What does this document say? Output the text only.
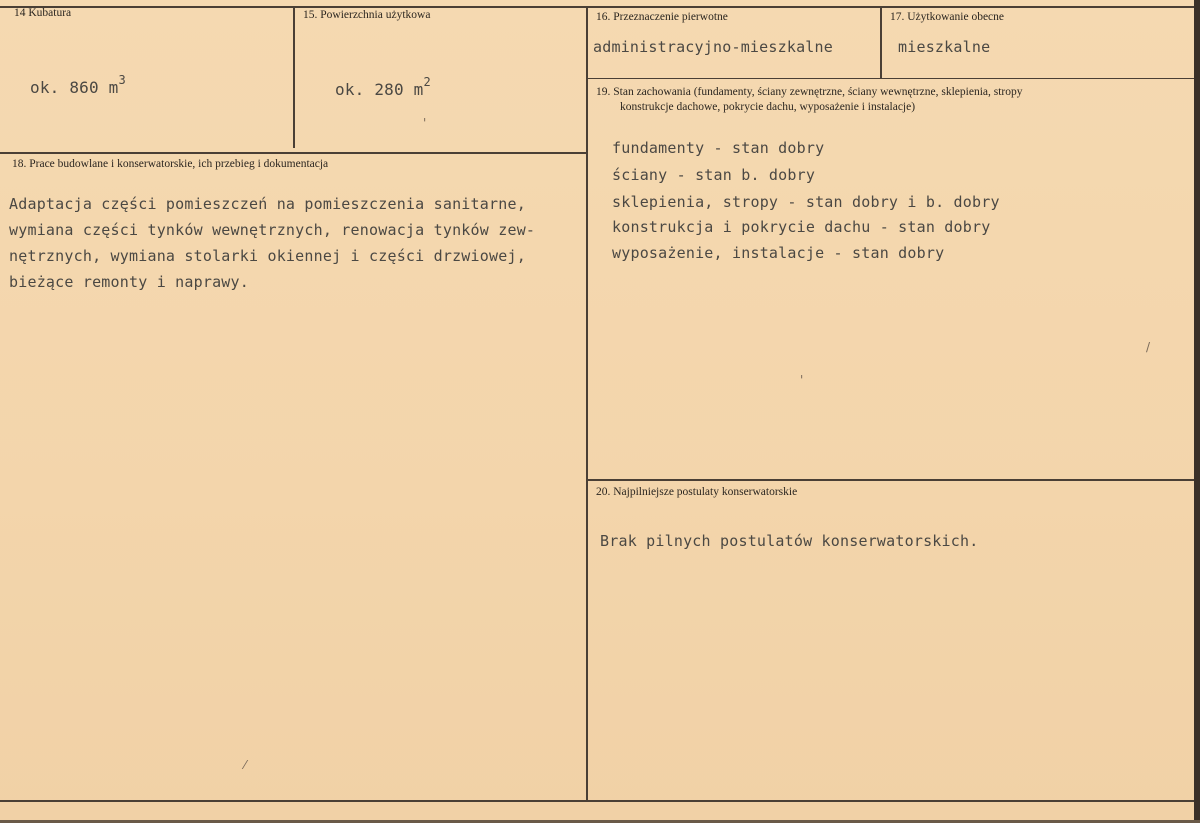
14 Kubatura
ok. 860 $m^3$
15. Powierzchnia użytkowa
ok. 280 $m^2$
16. Przeznaczenie pierwotne
administracyjno-mieszkalne
17. Użytkowanie obecne
mieszkalne
19. Stan zachowania (fundamenty, ściany zewnętrzne, ściany wewnętrzne, sklepienia, stropy
konstrukcje dachowe, pokrycie dachu, wyposażenie i instalacje)
fundamenty - stan dobry
ściany - stan b. dobry
sklepienia, stropy - stan dobry i b. dobry
konstrukcja i pokrycie dachu - stan dobry
wyposażenie, instalacje - stan dobry
18. Prace budowlane i konserwatorskie, ich przebieg i dokumentacja
Adaptacja części pomieszczeń na pomieszczenia sanitarne,
wymiana części tynków wewnętrznych, renowacja tynków zew-
nętrznych, wymiana stolarki okiennej i części drzwiowej,
bieżące remonty i naprawy.
20. Najpilniejsze postulaty konserwatorskie
Brak pilnych postulatów konserwatorskich.
'
'
/
⁄
